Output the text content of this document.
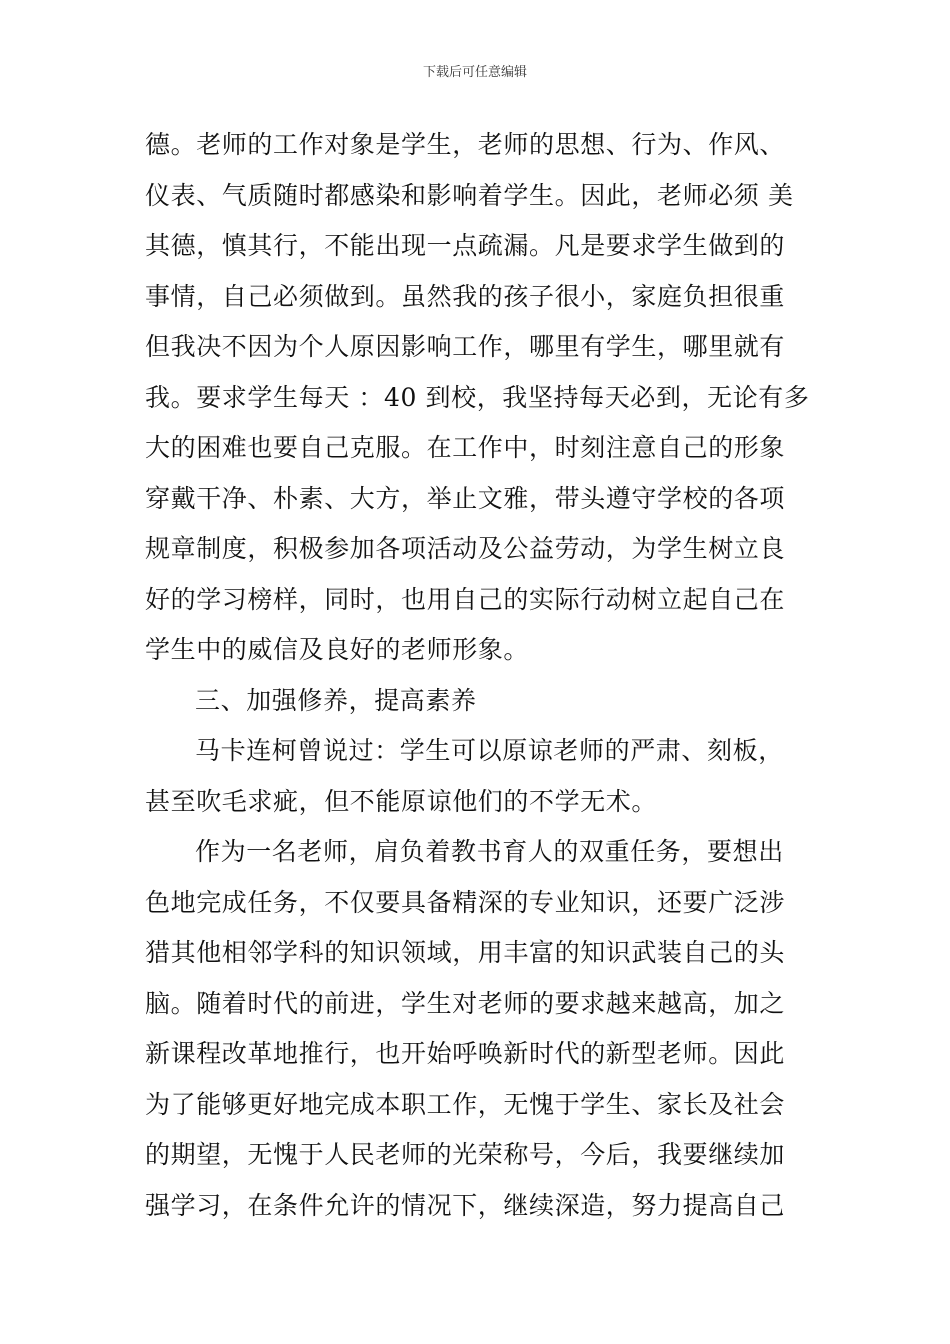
下载后可任意编辑
德。老师的工作对象是学生，老师的思想、行为、作风、
仪表、气质随时都感染和影响着学生。因此，老师必须 美
其德，慎其行，不能出现一点疏漏。凡是要求学生做到的
事情，自己必须做到。虽然我的孩子很小，家庭负担很重
但我决不因为个人原因影响工作，哪里有学生，哪里就有
我。要求学生每天 ：40 到校，我坚持每天必到，无论有多
大的困难也要自己克服。在工作中，时刻注意自己的形象
穿戴干净、朴素、大方，举止文雅，带头遵守学校的各项
规章制度，积极参加各项活动及公益劳动，为学生树立良
好的学习榜样，同时，也用自己的实际行动树立起自己在
学生中的威信及良好的老师形象。
三、加强修养，提高素养
马卡连柯曾说过：学生可以原谅老师的严肃、刻板，
甚至吹毛求疵，但不能原谅他们的不学无术。
作为一名老师，肩负着教书育人的双重任务，要想出
色地完成任务，不仅要具备精深的专业知识，还要广泛涉
猎其他相邻学科的知识领域，用丰富的知识武装自己的头
脑。随着时代的前进，学生对老师的要求越来越高，加之
新课程改革地推行，也开始呼唤新时代的新型老师。因此
为了能够更好地完成本职工作，无愧于学生、家长及社会
的期望，无愧于人民老师的光荣称号，今后，我要继续加
强学习，在条件允许的情况下，继续深造，努力提高自己
